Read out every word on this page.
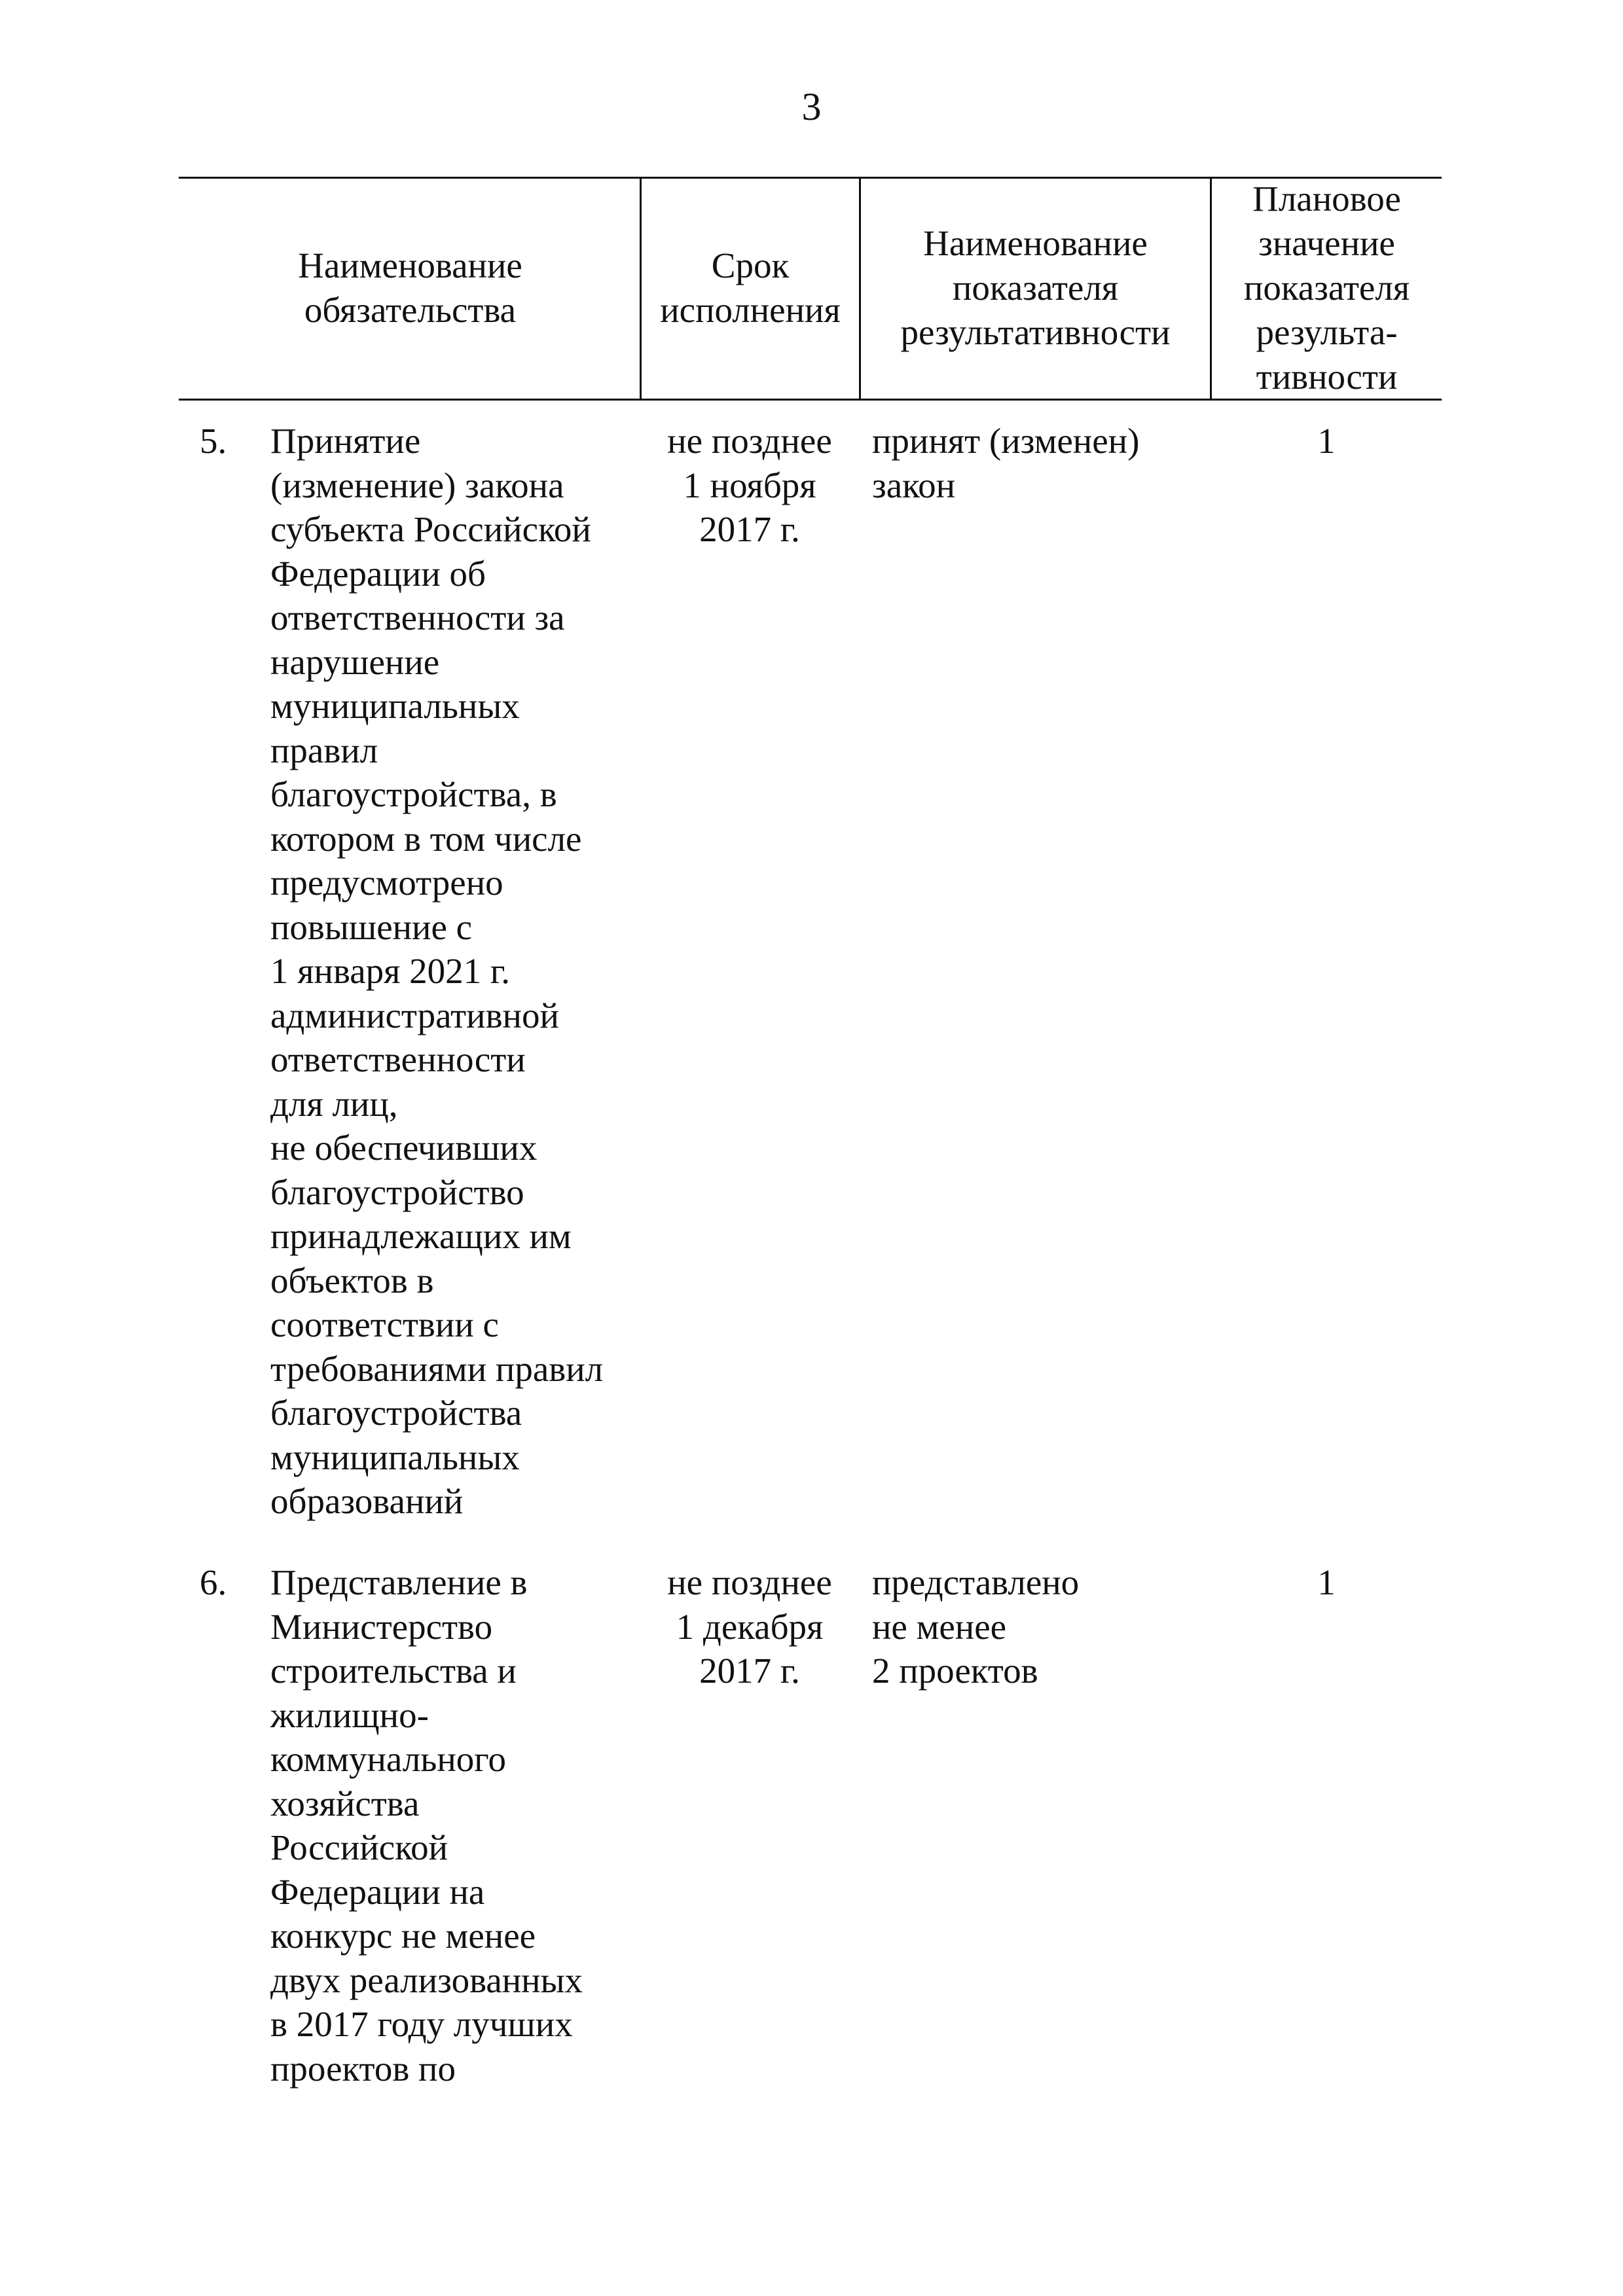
3
Наименование
обязательства
Срок
исполнения
Наименование
показателя
результативности
Плановое
значение
показателя
результа-
тивности
5.	Принятие
(изменение) закона
субъекта Российской
Федерации об
ответственности за
нарушение
муниципальных
правил
благоустройства, в
котором в том числе
предусмотрено
повышение с
1 января 2021 г.
административной
ответственности
для лиц,
не обеспечивших
благоустройство
принадлежащих им
объектов в
соответствии с
требованиями правил
благоустройства
муниципальных
образований
не позднее
1 ноября
2017 г.
принят (изменен)
закон
1
6.	Представление в
Министерство
строительства и
жилищно-
коммунального
хозяйства
Российской
Федерации на
конкурс не менее
двух реализованных
в 2017 году лучших
проектов по
не позднее
1 декабря
2017 г.
представлено
не менее
2 проектов
1
